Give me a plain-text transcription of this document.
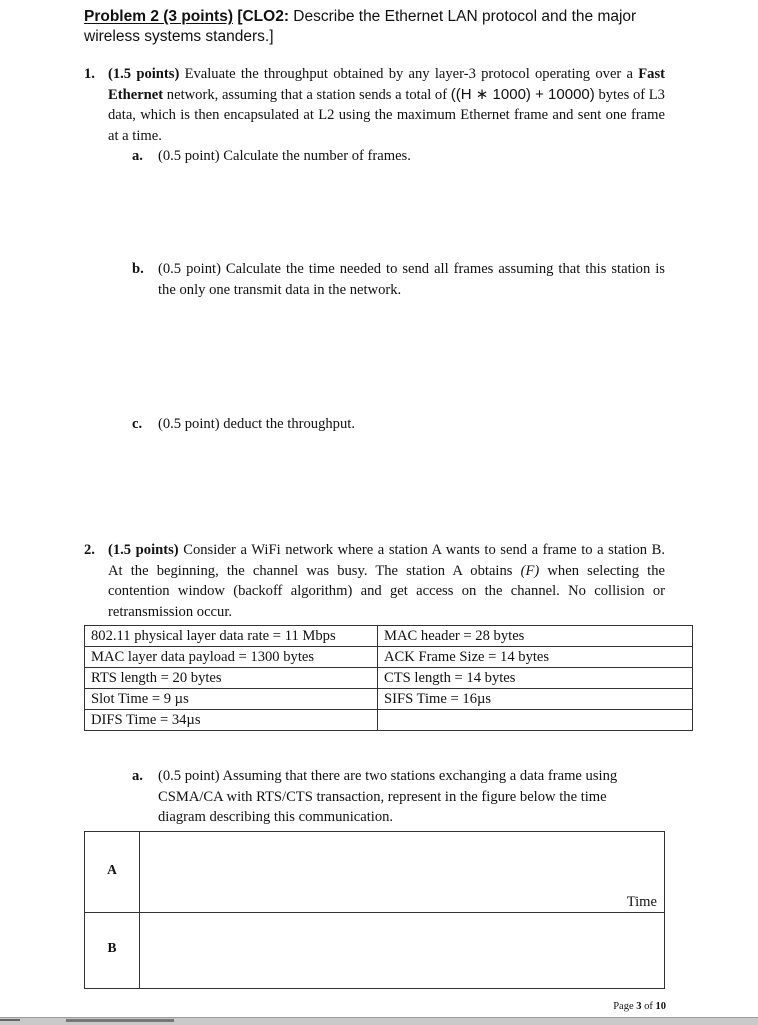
Problem 2 (3 points) [CLO2: Describe the Ethernet LAN protocol and the major wireless systems standers.]
1. (1.5 points) Evaluate the throughput obtained by any layer-3 protocol operating over a Fast Ethernet network, assuming that a station sends a total of ((H ∗ 1000) + 10000) bytes of L3 data, which is then encapsulated at L2 using the maximum Ethernet frame and sent one frame at a time.
a. (0.5 point) Calculate the number of frames.
b. (0.5 point) Calculate the time needed to send all frames assuming that this station is the only one transmit data in the network.
c. (0.5 point) deduct the throughput.
2. (1.5 points) Consider a WiFi network where a station A wants to send a frame to a station B. At the beginning, the channel was busy. The station A obtains (F) when selecting the contention window (backoff algorithm) and get access on the channel. No collision or retransmission occur.
802.11 physical layer data rate = 11 Mbps	MAC header = 28 bytes
MAC layer data payload = 1300 bytes	ACK Frame Size = 14 bytes
RTS length = 20 bytes	CTS length = 14 bytes
Slot Time = 9 µs	SIFS Time = 16µs
DIFS Time = 34µs	
a. (0.5 point) Assuming that there are two stations exchanging a data frame using CSMA/CA with RTS/CTS transaction, represent in the figure below the time diagram describing this communication.
A
B
Time
Page 3 of 10
